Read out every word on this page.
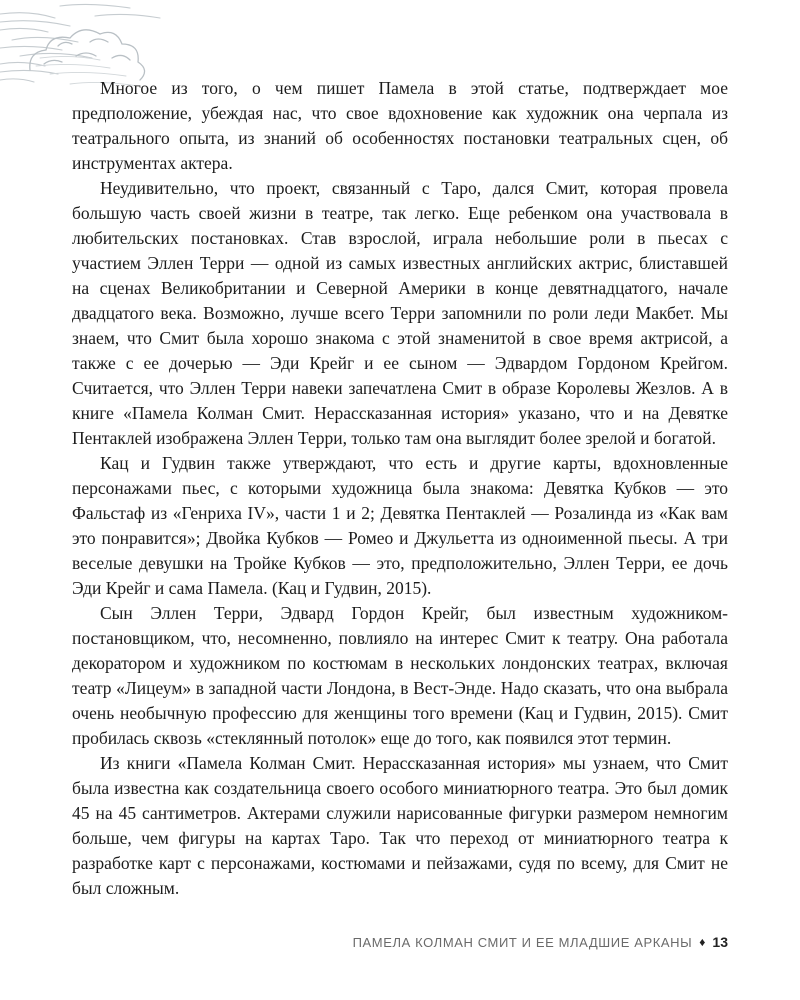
Многое из того, о чем пишет Памела в этой статье, подтверждает мое предположение, убеждая нас, что свое вдохновение как художник она черпала из театрального опыта, из знаний об особенностях постановки театральных сцен, об инструментах актера.

Неудивительно, что проект, связанный с Таро, дался Смит, которая провела большую часть своей жизни в театре, так легко. Еще ребенком она участвовала в любительских постановках. Став взрослой, играла небольшие роли в пьесах с участием Эллен Терри — одной из самых известных английских актрис, блиставшей на сценах Великобритании и Северной Америки в конце девятнадцатого, начале двадцатого века. Возможно, лучше всего Терри запомнили по роли леди Макбет. Мы знаем, что Смит была хорошо знакома с этой знаменитой в свое время актрисой, а также с ее дочерью — Эди Крейг и ее сыном — Эдвардом Гордоном Крейгом. Считается, что Эллен Терри навеки запечатлена Смит в образе Королевы Жезлов. А в книге «Памела Колман Смит. Нерассказанная история» указано, что и на Девятке Пентаклей изображена Эллен Терри, только там она выглядит более зрелой и богатой.

Кац и Гудвин также утверждают, что есть и другие карты, вдохновленные персонажами пьес, с которыми художница была знакома: Девятка Кубков — это Фальстаф из «Генриха IV», части 1 и 2; Девятка Пентаклей — Розалинда из «Как вам это понравится»; Двойка Кубков — Ромео и Джульетта из одноименной пьесы. А три веселые девушки на Тройке Кубков — это, предположительно, Эллен Терри, ее дочь Эди Крейг и сама Памела. (Кац и Гудвин, 2015).

Сын Эллен Терри, Эдвард Гордон Крейг, был известным художником-постановщиком, что, несомненно, повлияло на интерес Смит к театру. Она работала декоратором и художником по костюмам в нескольких лондонских театрах, включая театр «Лицеум» в западной части Лондона, в Вест-Энде. Надо сказать, что она выбрала очень необычную профессию для женщины того времени (Кац и Гудвин, 2015). Смит пробилась сквозь «стеклянный потолок» еще до того, как появился этот термин.

Из книги «Памела Колман Смит. Нерассказанная история» мы узнаем, что Смит была известна как создательница своего особого миниатюрного театра. Это был домик 45 на 45 сантиметров. Актерами служили нарисованные фигурки размером немногим больше, чем фигуры на картах Таро. Так что переход от миниатюрного театра к разработке карт с персонажами, костюмами и пейзажами, судя по всему, для Смит не был сложным.

ПАМЕЛА КОЛМАН СМИТ И ЕЕ МЛАДШИЕ АРКАНЫ ♦ 13
